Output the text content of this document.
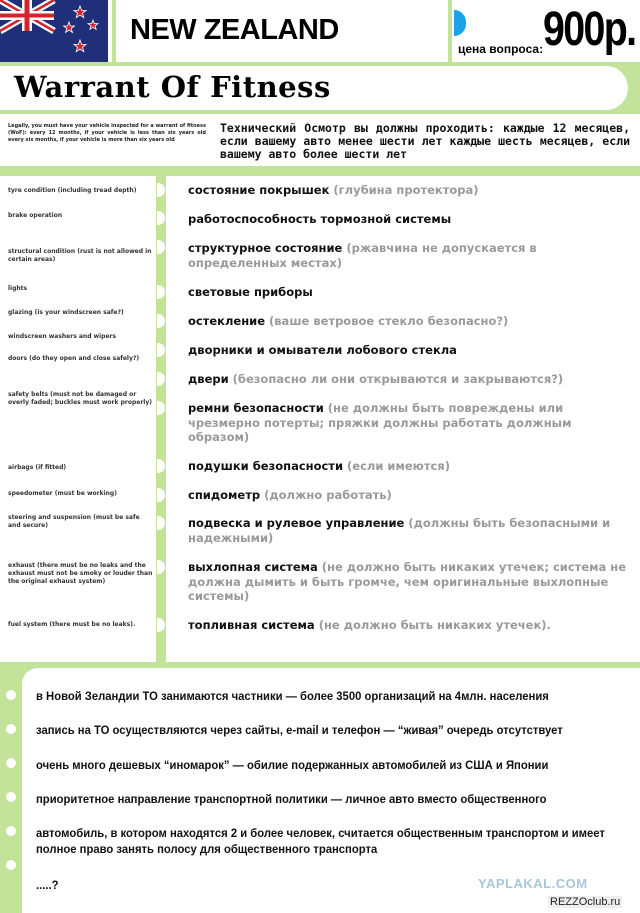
NEW ZEALAND
цена вопроса: 900р.
Warrant Of Fitness
Legally, you must have your vehicle inspected for a warrant of fitness (WoF): every 12 months, if your vehicle is less than six years old every six months, if your vehicle is more than six years old
Технический Осмотр вы должны проходить: каждые 12 месяцев, если вашему авто менее шести лет каждые шесть месяцев, если вашему авто более шести лет
tyre condition (including tread depth)
brake operation
structural condition (rust is not allowed in certain areas)
lights
glazing (is your windscreen safe?)
windscreen washers and wipers
doors (do they open and close safely?)
safety belts (must not be damaged or overly faded; buckles must work properly)
airbags (if fitted)
speedometer (must be working)
steering and suspension (must be safe and secure)
exhaust (there must be no leaks and the exhaust must not be smoky or louder than the original exhaust system)
fuel system (there must be no leaks).
состояние покрышек (глубина протектора)
работоспособность тормозной системы
структурное состояние (ржавчина не допускается в определенных местах)
световые приборы
остекление (ваше ветровое стекло безопасно?)
дворники и омыватели лобового стекла
двери (безопасно ли они открываются и закрываются?)
ремни безопасности (не должны быть повреждены или чрезмерно потерты; пряжки должны работать должным образом)
подушки безопасности (если имеются)
спидометр (должно работать)
подвеска и рулевое управление (должны быть безопасными и надежными)
выхлопная система (не должно быть никаких утечек; система не должна дымить и быть громче, чем оригинальные выхлопные системы)
топливная система (не должно быть никаких утечек).
в Новой Зеландии ТО занимаются частники — более 3500 организаций на 4млн. населения
запись на ТО осуществляются через сайты, e-mail и телефон — “живая” очередь отсутствует
очень много дешевых “иномарок” — обилие подержанных автомобилей из США и Японии
приоритетное направление транспортной политики — личное авто вместо общественного
автомобиль, в котором находятся 2 и более человек, считается общественным транспортом и имеет полное право занять полосу для общественного транспорта
.....?	YAPLAKAL.COM
REZZOclub.ru
